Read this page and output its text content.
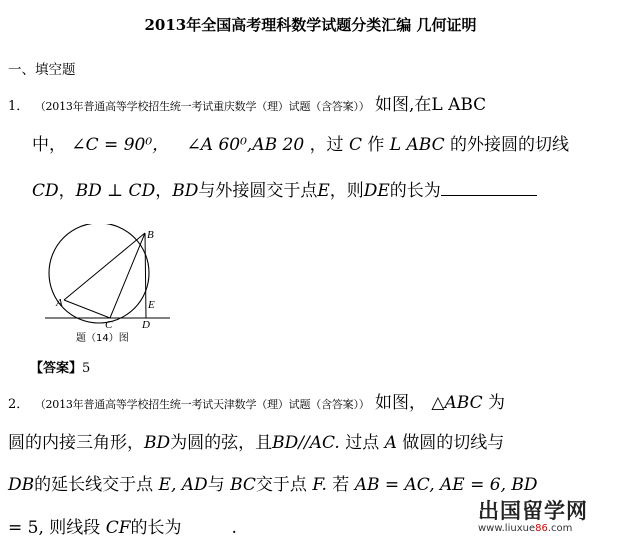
2013年全国高考理科数学试题分类汇编 几何证明
一、填空题
1． （2013年普通高等学校招生统一考试重庆数学（理）试题（含答案）） 如图,在L ABC
中， ∠C = 90⁰， ∠A 60⁰,AB 20 ，过 C 作 L ABC 的外接圆的切线
CD，BD ⊥ CD，BD与外接圆交于点E，则DE的长为
A
B
C	D
E
题（14）图
【答案】5
2． （2013年普通高等学校招生统一考试天津数学（理）试题（含答案）） 如图， △ABC 为
圆的内接三角形，BD为圆的弦，且BD//AC. 过点 A 做圆的切线与
DB的延长线交于点 E, AD与 BC交于点 F. 若 AB = AC, AE = 6, BD
= 5, 则线段 CF的长为	.
出国留学网
www.liuxue86.com
